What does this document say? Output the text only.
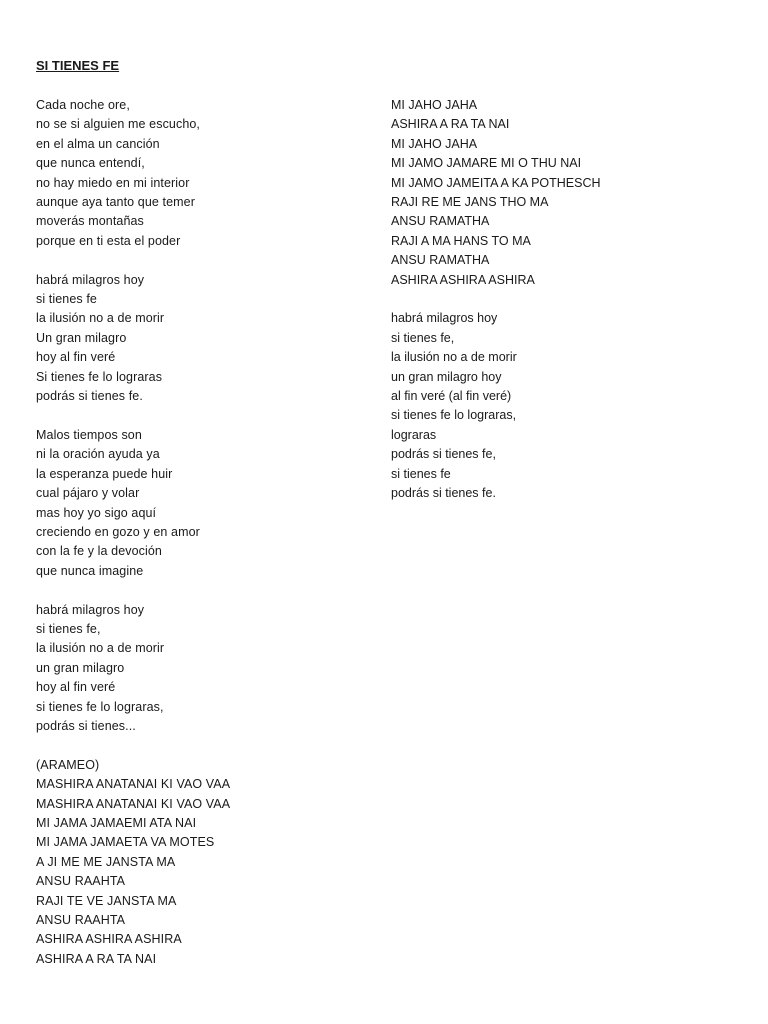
SI TIENES FE
Cada noche ore,
no se si alguien me escucho,
en el alma un canción
que nunca entendí,
no hay miedo en mi interior
aunque aya tanto que temer
moverás montañas
porque en ti esta el poder
habrá milagros hoy
si tienes fe
la ilusión no a de morir
Un gran milagro
hoy al fin veré
Si tienes fe lo lograras
podrás si tienes fe.
Malos tiempos son
ni la oración ayuda ya
la esperanza puede huir
cual pájaro y volar
mas hoy yo sigo aquí
creciendo en gozo y en amor
con la fe y la devoción
que nunca imagine
habrá milagros hoy
si tienes fe,
la ilusión no a de morir
un gran milagro
hoy al fin veré
si tienes fe lo lograras,
podrás si tienes...
(ARAMEO)
MASHIRA ANATANAI KI VAO VAA
MASHIRA ANATANAI KI VAO VAA
MI JAMA JAMAEMI ATA NAI
MI JAMA JAMAETA VA MOTES
A JI ME ME JANSTA MA
ANSU RAAHTA
RAJI TE VE JANSTA MA
ANSU RAAHTA
ASHIRA ASHIRA ASHIRA
ASHIRA A RA TA NAI
MI JAHO JAHA
ASHIRA A RA TA NAI
MI JAHO JAHA
MI JAMO JAMARE MI O THU NAI
MI JAMO JAMEITA A KA POTHESCH
RAJI RE ME JANS THO MA
ANSU RAMATHA
RAJI A MA HANS TO MA
ANSU RAMATHA
ASHIRA ASHIRA ASHIRA
habrá milagros hoy
si tienes fe,
la ilusión no a de morir
un gran milagro hoy
al fin veré (al fin veré)
si tienes fe lo lograras,
lograras
podrás si tienes fe,
si tienes fe
podrás si tienes fe.
